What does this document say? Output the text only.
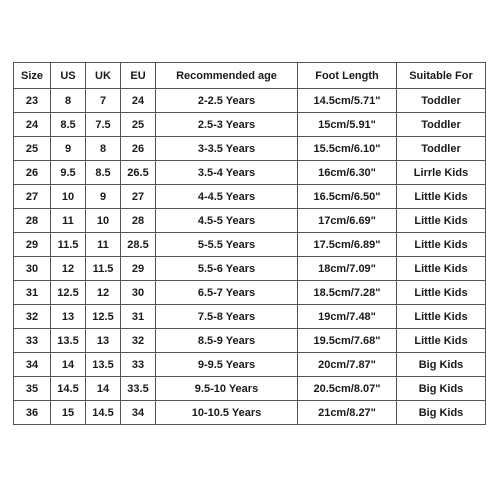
Size	US	UK	EU	Recommended age	Foot Length	Suitable For
23	8	7	24	2-2.5 Years	14.5cm/5.71"	Toddler
24	8.5	7.5	25	2.5-3 Years	15cm/5.91"	Toddler
25	9	8	26	3-3.5 Years	15.5cm/6.10"	Toddler
26	9.5	8.5	26.5	3.5-4 Years	16cm/6.30"	Lirrle Kids
27	10	9	27	4-4.5 Years	16.5cm/6.50"	Little Kids
28	11	10	28	4.5-5 Years	17cm/6.69"	Little Kids
29	11.5	11	28.5	5-5.5 Years	17.5cm/6.89"	Little Kids
30	12	11.5	29	5.5-6 Years	18cm/7.09"	Little Kids
31	12.5	12	30	6.5-7 Years	18.5cm/7.28"	Little Kids
32	13	12.5	31	7.5-8 Years	19cm/7.48"	Little Kids
33	13.5	13	32	8.5-9 Years	19.5cm/7.68"	Little Kids
34	14	13.5	33	9-9.5 Years	20cm/7.87"	Big Kids
35	14.5	14	33.5	9.5-10 Years	20.5cm/8.07"	Big Kids
36	15	14.5	34	10-10.5 Years	21cm/8.27"	Big Kids
